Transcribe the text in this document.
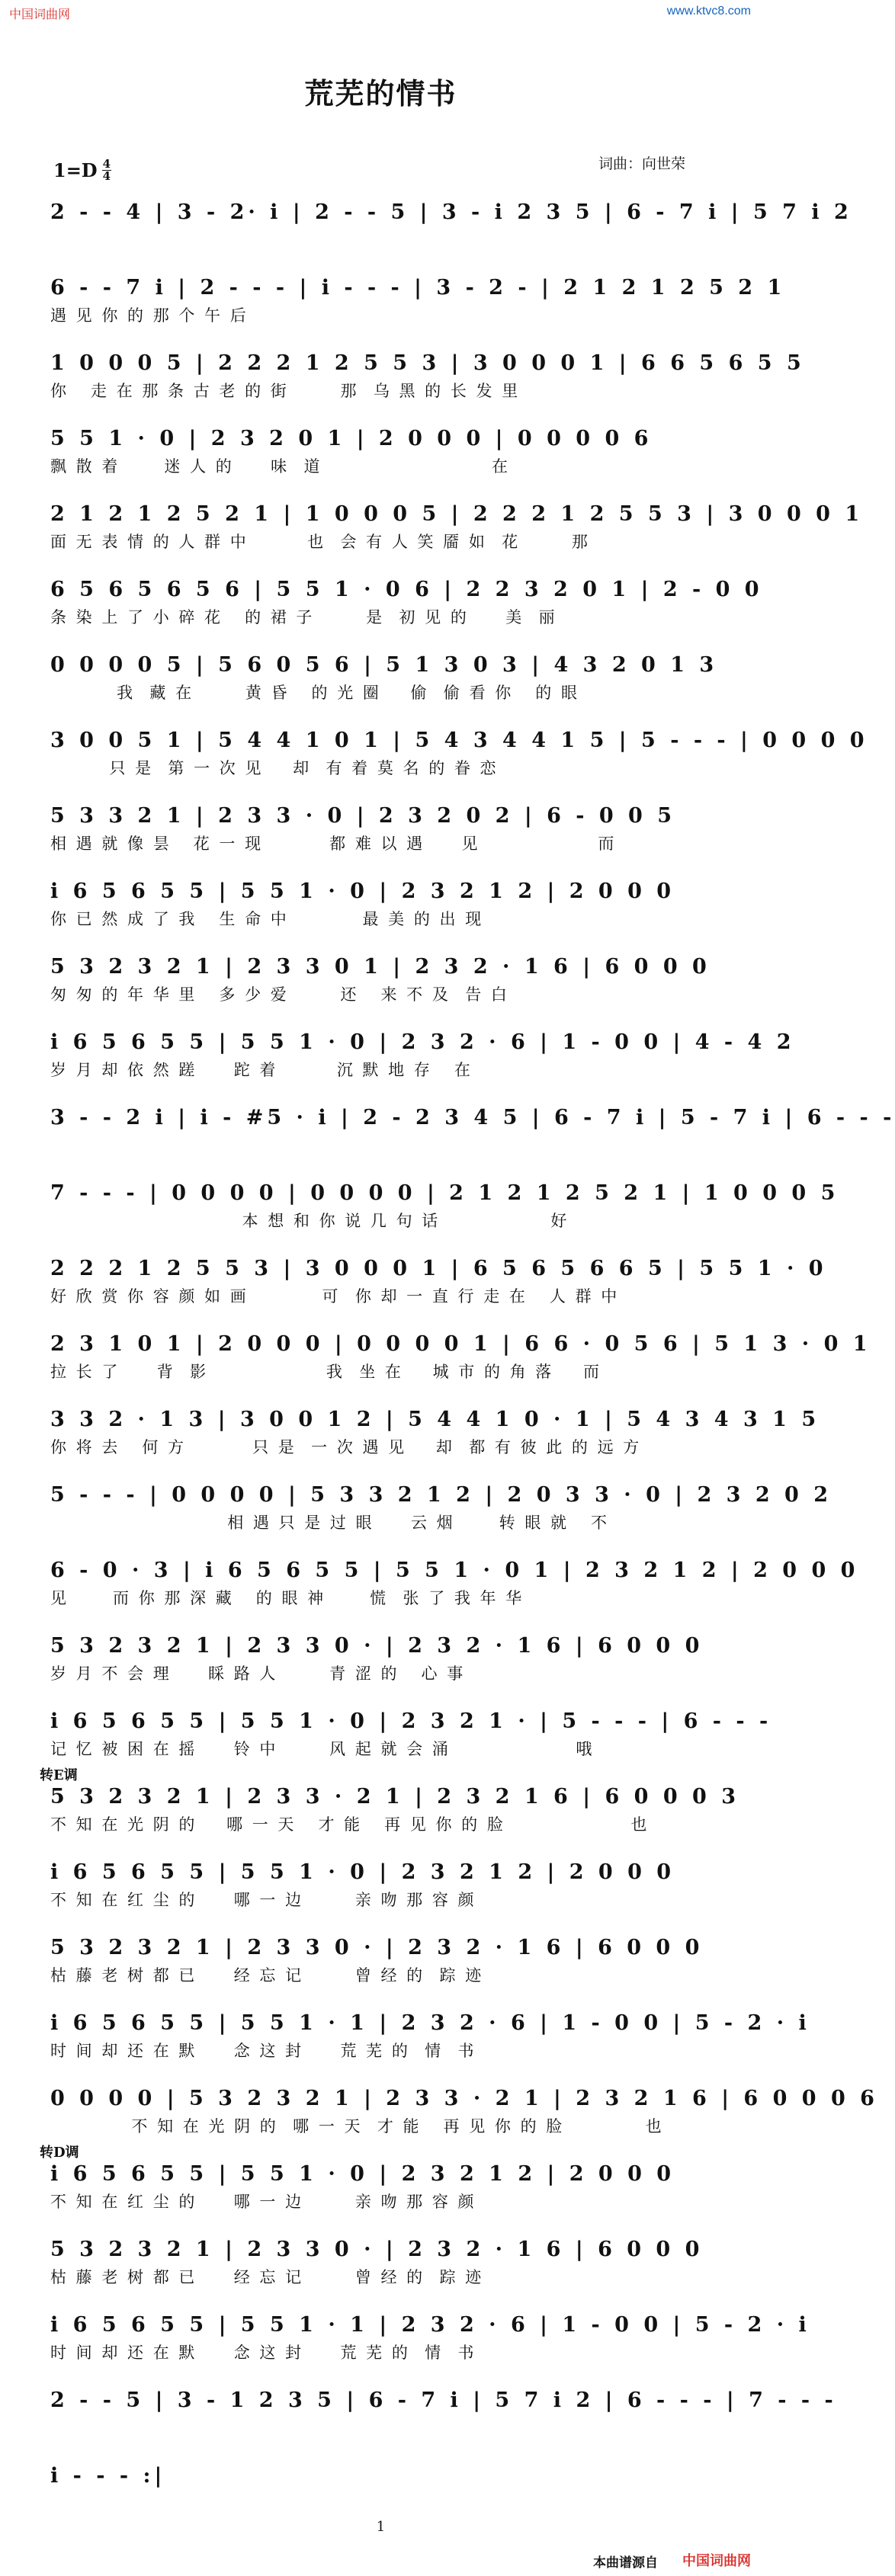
中国词曲网	www.ktvc8.com
荒芜的情书
词曲：向世荣
$1=D \frac{4}{4}$
2 - - 4 | 3 - 2· i | 2 - - 5 | 3 - i 2 3 5 | 6 - 7 i | 5 7 i 2
6 - - 7 i | 2 - - - | i - - - | 3 - 2 - | 2 1 2 1 2 5 2 1
遇 见 你 的 那 个 午 后
1 0 0 0 5 | 2 2 2 1 2 5 5 3 | 3 0 0 0 1 | 6 6 5 6 5 5
你   走 在 那 条 古 老 的 街       那  乌 黑 的 长 发 里
5 5 1 · 0 | 2 3 2 0 1 | 2 0 0 0 | 0 0 0 0 6
飘 散 着      迷 人 的     味  道                       在
2 1 2 1 2 5 2 1 | 1 0 0 0 5 | 2 2 2 1 2 5 5 3 | 3 0 0 0 1
面 无 表 情 的 人 群 中        也  会 有 人 笑 靥 如  花       那
6 5 6 5 6 5 6 | 5 5 1 · 0 6 | 2 2 3 2 0 1 | 2 - 0 0
条 染 上 了 小 碎 花   的 裙 子       是  初 见 的     美  丽
0 0 0 0 5 | 5 6 0 5 6 | 5 1 3 0 3 | 4 3 2 0 1 3
我  藏 在       黄 昏   的 光 圈    偷  偷 看 你   的 眼
3 0 0 5 1 | 5 4 4 1 0 1 | 5 4 3 4 4 1 5 | 5 - - - | 0 0 0 0
只 是  第 一 次 见    却  有 着 莫 名 的 眷 恋
5 3 3 2 1 | 2 3 3 · 0 | 2 3 2 0 2 | 6 - 0 0 5
相 遇 就 像 昙   花 一 现         都 难 以 遇     见                而
i 6 5 6 5 5 | 5 5 1 · 0 | 2 3 2 1 2 | 2 0 0 0
你 已 然 成 了 我   生 命 中          最 美 的 出 现
5 3 2 3 2 1 | 2 3 3 0 1 | 2 3 2 · 1 6 | 6 0 0 0
匆 匆 的 年 华 里   多 少 爱       还   来 不 及  告 白
i 6 5 6 5 5 | 5 5 1 · 0 | 2 3 2 · 6 | 1 - 0 0 | 4 - 4 2
岁 月 却 依 然 蹉     跎 着        沉 默 地 存   在
3 - - 2 i | i - #5 · i | 2 - 2 3 4 5 | 6 - 7 i | 5 - 7 i | 6 - - -
7 - - - | 0 0 0 0 | 0 0 0 0 | 2 1 2 1 2 5 2 1 | 1 0 0 0 5
本 想 和 你 说 几 句 话               好
2 2 2 1 2 5 5 3 | 3 0 0 0 1 | 6 5 6 5 6 6 5 | 5 5 1 · 0
好 欣 赏 你 容 颜 如 画          可  你 却 一 直 行 走 在   人 群 中
2 3 1 0 1 | 2 0 0 0 | 0 0 0 0 1 | 6 6 · 0 5 6 | 5 1 3 · 0 1
拉 长 了     背  影                我  坐 在    城 市 的 角 落    而
3 3 2 · 1 3 | 3 0 0 1 2 | 5 4 4 1 0 · 1 | 5 4 3 4 3 1 5
你 将 去   何 方         只 是  一 次 遇 见    却  都 有 彼 此 的 远 方
5 - - - | 0 0 0 0 | 5 3 3 2 1 2 | 2 0 3 3 · 0 | 2 3 2 0 2
相 遇 只 是 过 眼     云 烟      转 眼 就   不
6 - 0 · 3 | i 6 5 6 5 5 | 5 5 1 · 0 1 | 2 3 2 1 2 | 2 0 0 0
见      而 你 那 深 藏   的 眼 神      慌  张 了 我 年 华
5 3 2 3 2 1 | 2 3 3 0 · | 2 3 2 · 1 6 | 6 0 0 0
岁 月 不 会 理     睬 路 人       青 涩 的   心 事
i 6 5 6 5 5 | 5 5 1 · 0 | 2 3 2 1 · | 5 - - - | 6 - - -
记 忆 被 困 在 摇     铃 中       风 起 就 会 涌                 哦
5 3 2 3 2 1 | 2 3 3 · 2 1 | 2 3 2 1 6 | 6 0 0 0 3
不 知 在 光 阴 的    哪 一 天   才 能   再 见 你 的 脸                 也
i 6 5 6 5 5 | 5 5 1 · 0 | 2 3 2 1 2 | 2 0 0 0
不 知 在 红 尘 的     哪 一 边       亲 吻 那 容 颜
5 3 2 3 2 1 | 2 3 3 0 · | 2 3 2 · 1 6 | 6 0 0 0
枯 藤 老 树 都 已     经 忘 记       曾 经 的  踪 迹
i 6 5 6 5 5 | 5 5 1 · 1 | 2 3 2 · 6 | 1 - 0 0 | 5 - 2 · i
时 间 却 还 在 默     念 这 封     荒 芜 的  情  书
0 0 0 0 | 5 3 2 3 2 1 | 2 3 3 · 2 1 | 2 3 2 1 6 | 6 0 0 0 6
不 知 在 光 阴 的  哪 一 天  才 能   再 见 你 的 脸           也
i 6 5 6 5 5 | 5 5 1 · 0 | 2 3 2 1 2 | 2 0 0 0
不 知 在 红 尘 的     哪 一 边       亲 吻 那 容 颜
5 3 2 3 2 1 | 2 3 3 0 · | 2 3 2 · 1 6 | 6 0 0 0
枯 藤 老 树 都 已     经 忘 记       曾 经 的  踪 迹
i 6 5 6 5 5 | 5 5 1 · 1 | 2 3 2 · 6 | 1 - 0 0 | 5 - 2 · i
时 间 却 还 在 默     念 这 封     荒 芜 的  情  书
2 - - 5 | 3 - 1 2 3 5 | 6 - 7 i | 5 7 i 2 | 6 - - - | 7 - - -
i - - - :|
转E调
转D调
1
本曲谱源自 中国词曲网
